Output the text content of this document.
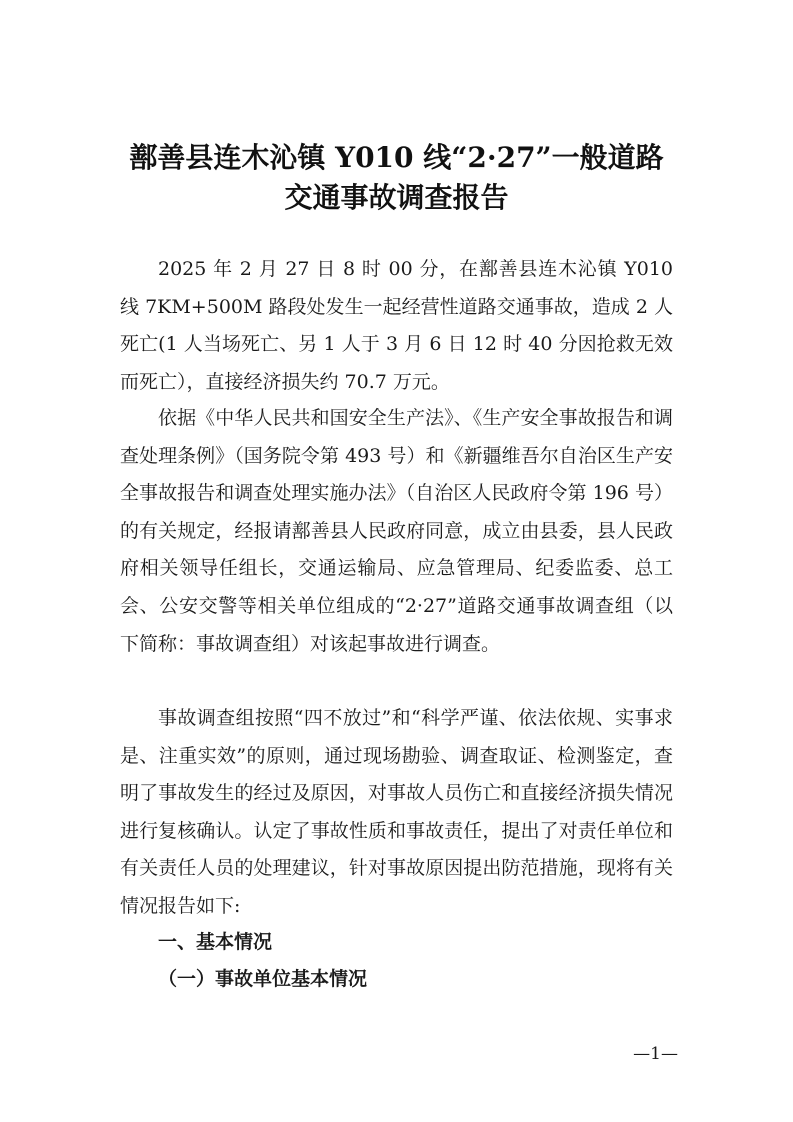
鄯善县连木沁镇 Y010 线“2·27”一般道路
交通事故调查报告

2025 年 2 月 27 日 8 时 00 分，在鄯善县连木沁镇 Y010 线 7KM+500M 路段处发生一起经营性道路交通事故，造成 2 人死亡(1 人当场死亡、另 1 人于 3 月 6 日 12 时 40 分因抢救无效而死亡），直接经济损失约 70.7 万元。

依据《中华人民共和国安全生产法》、《生产安全事故报告和调查处理条例》（国务院令第 493 号）和《新疆维吾尔自治区生产安全事故报告和调查处理实施办法》（自治区人民政府令第 196 号）的有关规定，经报请鄯善县人民政府同意，成立由县委，县人民政府相关领导任组长，交通运输局、应急管理局、纪委监委、总工会、公安交警等相关单位组成的“2·27”道路交通事故调查组（以下简称：事故调查组）对该起事故进行调查。

事故调查组按照“四不放过”和“科学严谨、依法依规、实事求是、注重实效”的原则，通过现场勘验、调查取证、检测鉴定，查明了事故发生的经过及原因，对事故人员伤亡和直接经济损失情况进行复核确认。认定了事故性质和事故责任，提出了对责任单位和有关责任人员的处理建议，针对事故原因提出防范措施，现将有关情况报告如下:

一、基本情况
（一）事故单位基本情况
—1—
